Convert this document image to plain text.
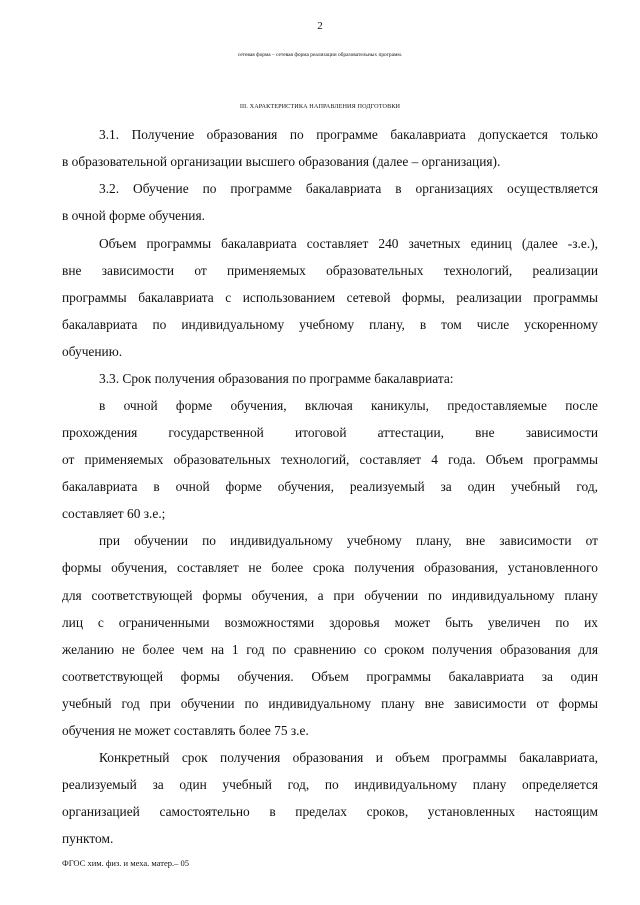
2
сетевая форма – сетевая форма реализации образовательных программ.
III. ХАРАКТЕРИСТИКА НАПРАВЛЕНИЯ ПОДГОТОВКИ
3.1. Получение образования по программе бакалавриата допускается только
в образовательной организации высшего образования (далее – организация).
3.2. Обучение по программе бакалавриата в организациях осуществляется
в очной форме обучения.
Объем программы бакалавриата составляет 240 зачетных единиц (далее -з.е.),
вне зависимости от применяемых образовательных технологий, реализации
программы бакалавриата с использованием сетевой формы, реализации программы
бакалавриата по индивидуальному учебному плану, в том числе ускоренному
обучению.
3.3. Срок получения образования по программе бакалавриата:
в очной форме обучения, включая каникулы, предоставляемые после
прохождения государственной итоговой аттестации, вне зависимости
от применяемых образовательных технологий, составляет 4 года. Объем программы
бакалавриата в очной форме обучения, реализуемый за один учебный год,
составляет 60 з.е.;
при обучении по индивидуальному учебному плану, вне зависимости от
формы обучения, составляет не более срока получения образования, установленного
для соответствующей формы обучения, а при обучении по индивидуальному плану
лиц с ограниченными возможностями здоровья может быть увеличен по их
желанию не более чем на 1 год по сравнению со сроком получения образования для
соответствующей формы обучения. Объем программы бакалавриата за один
учебный год при обучении по индивидуальному плану вне зависимости от формы
обучения не может составлять более 75 з.е.
Конкретный срок получения образования и объем программы бакалавриата,
реализуемый за один учебный год, по индивидуальному плану определяется
организацией самостоятельно в пределах сроков, установленных настоящим
пунктом.
ФГОС хим. физ. и меха. матер.– 05
